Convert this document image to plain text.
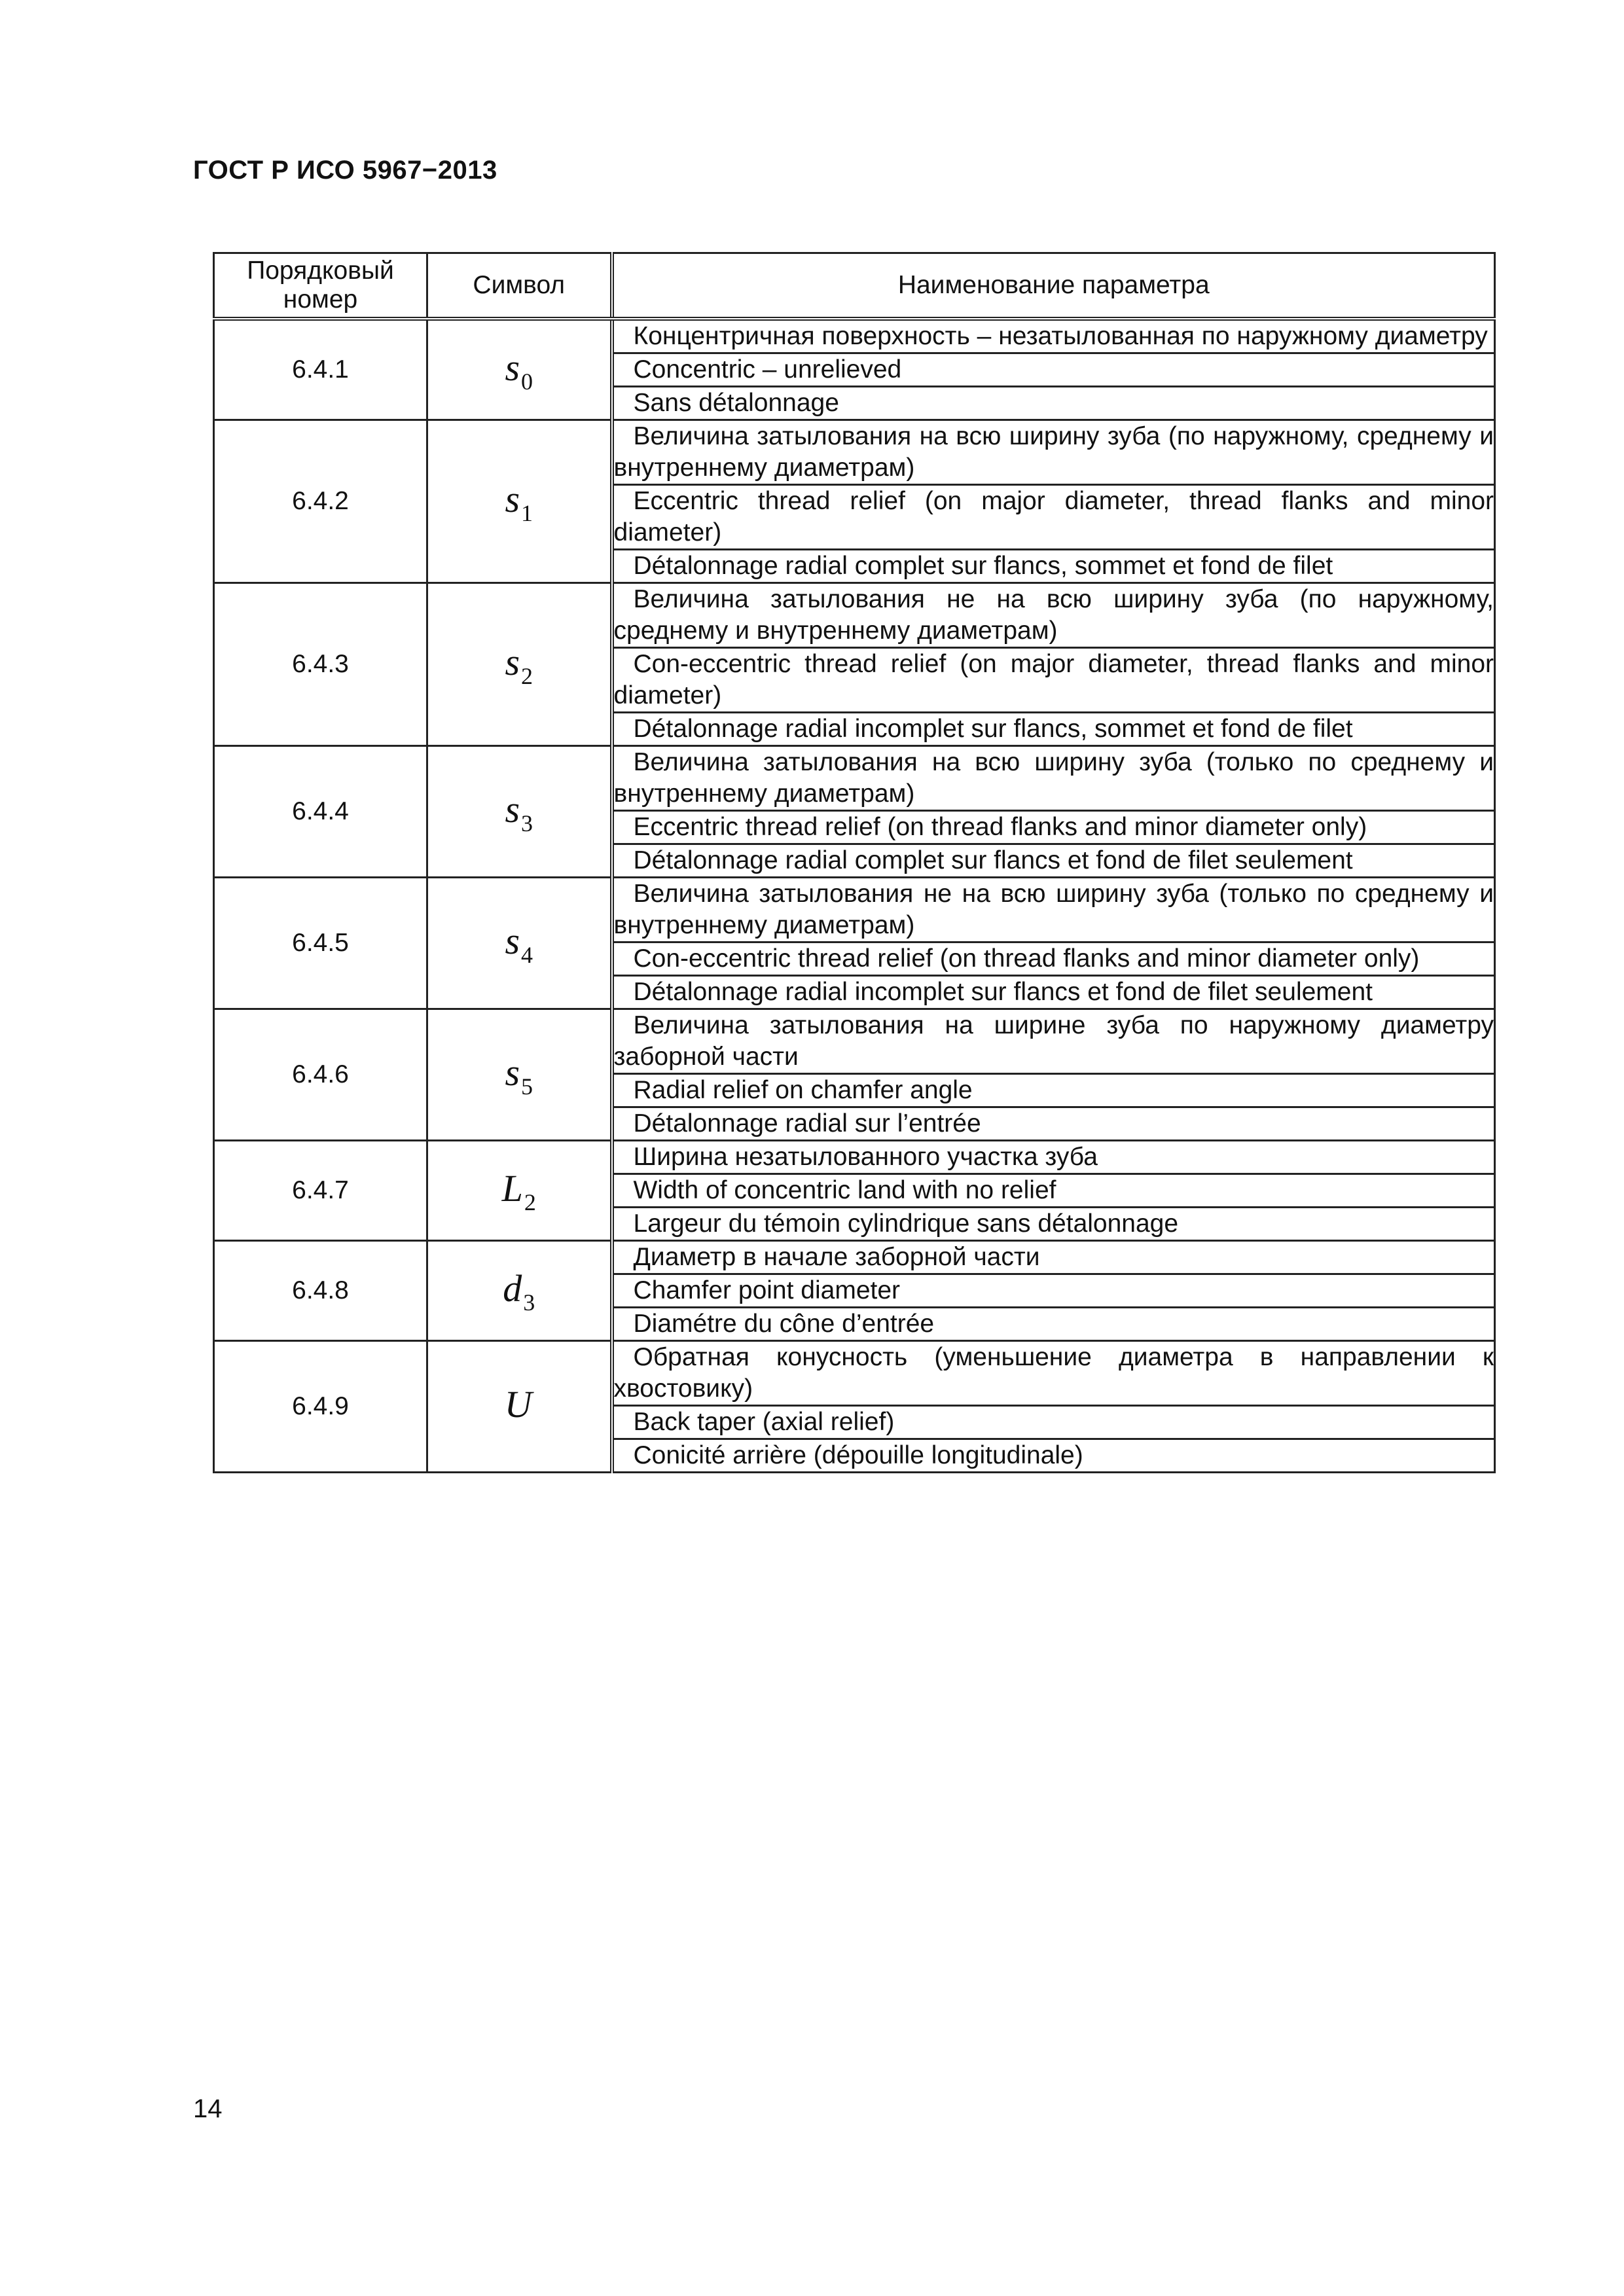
ГОСТ Р ИСО 5967−2013
Порядковый номер	Символ	Наименование параметра
6.4.1	$s_0$	Концентричная поверхность – незатылованная по наружному диаметру
		Concentric – unrelieved
		Sans détalonnage
6.4.2	$s_1$	Величина затылования на всю ширину зуба (по наружному, среднему и внутреннему диаметрам)
		Eccentric thread relief (on major diameter, thread flanks and minor diameter)
		Détalonnage radial complet sur flancs, sommet et fond de filet
6.4.3	$s_2$	Величина затылования не на всю ширину зуба (по наружному, среднему и внутреннему диаметрам)
		Con-eccentric thread relief (on major diameter, thread flanks and minor diameter)
		Détalonnage radial incomplet sur flancs, sommet et fond de filet
6.4.4	$s_3$	Величина затылования на всю ширину зуба (только по среднему и внутреннему диаметрам)
		Eccentric thread relief (on thread flanks and minor diameter only)
		Détalonnage radial complet sur flancs et fond de filet seulement
6.4.5	$s_4$	Величина затылования не на всю ширину зуба (только по среднему и внутреннему диаметрам)
		Con-eccentric thread relief (on thread flanks and minor diameter only)
		Détalonnage radial incomplet sur flancs et fond de filet seulement
6.4.6	$s_5$	Величина затылования на ширине зуба по наружному диаметру заборной части
		Radial relief on chamfer angle
		Détalonnage radial sur l’entrée
6.4.7	$L_2$	Ширина незатылованного участка зуба
		Width of concentric land with no relief
		Largeur du témoin cylindrique sans détalonnage
6.4.8	$d_3$	Диаметр в начале заборной части
		Chamfer point diameter
		Diamétre du cône d’entrée
6.4.9	U	Обратная конусность (уменьшение диаметра в направлении к хвостовику)
		Back taper (axial relief)
		Conicité arrière (dépouille longitudinale)
14
